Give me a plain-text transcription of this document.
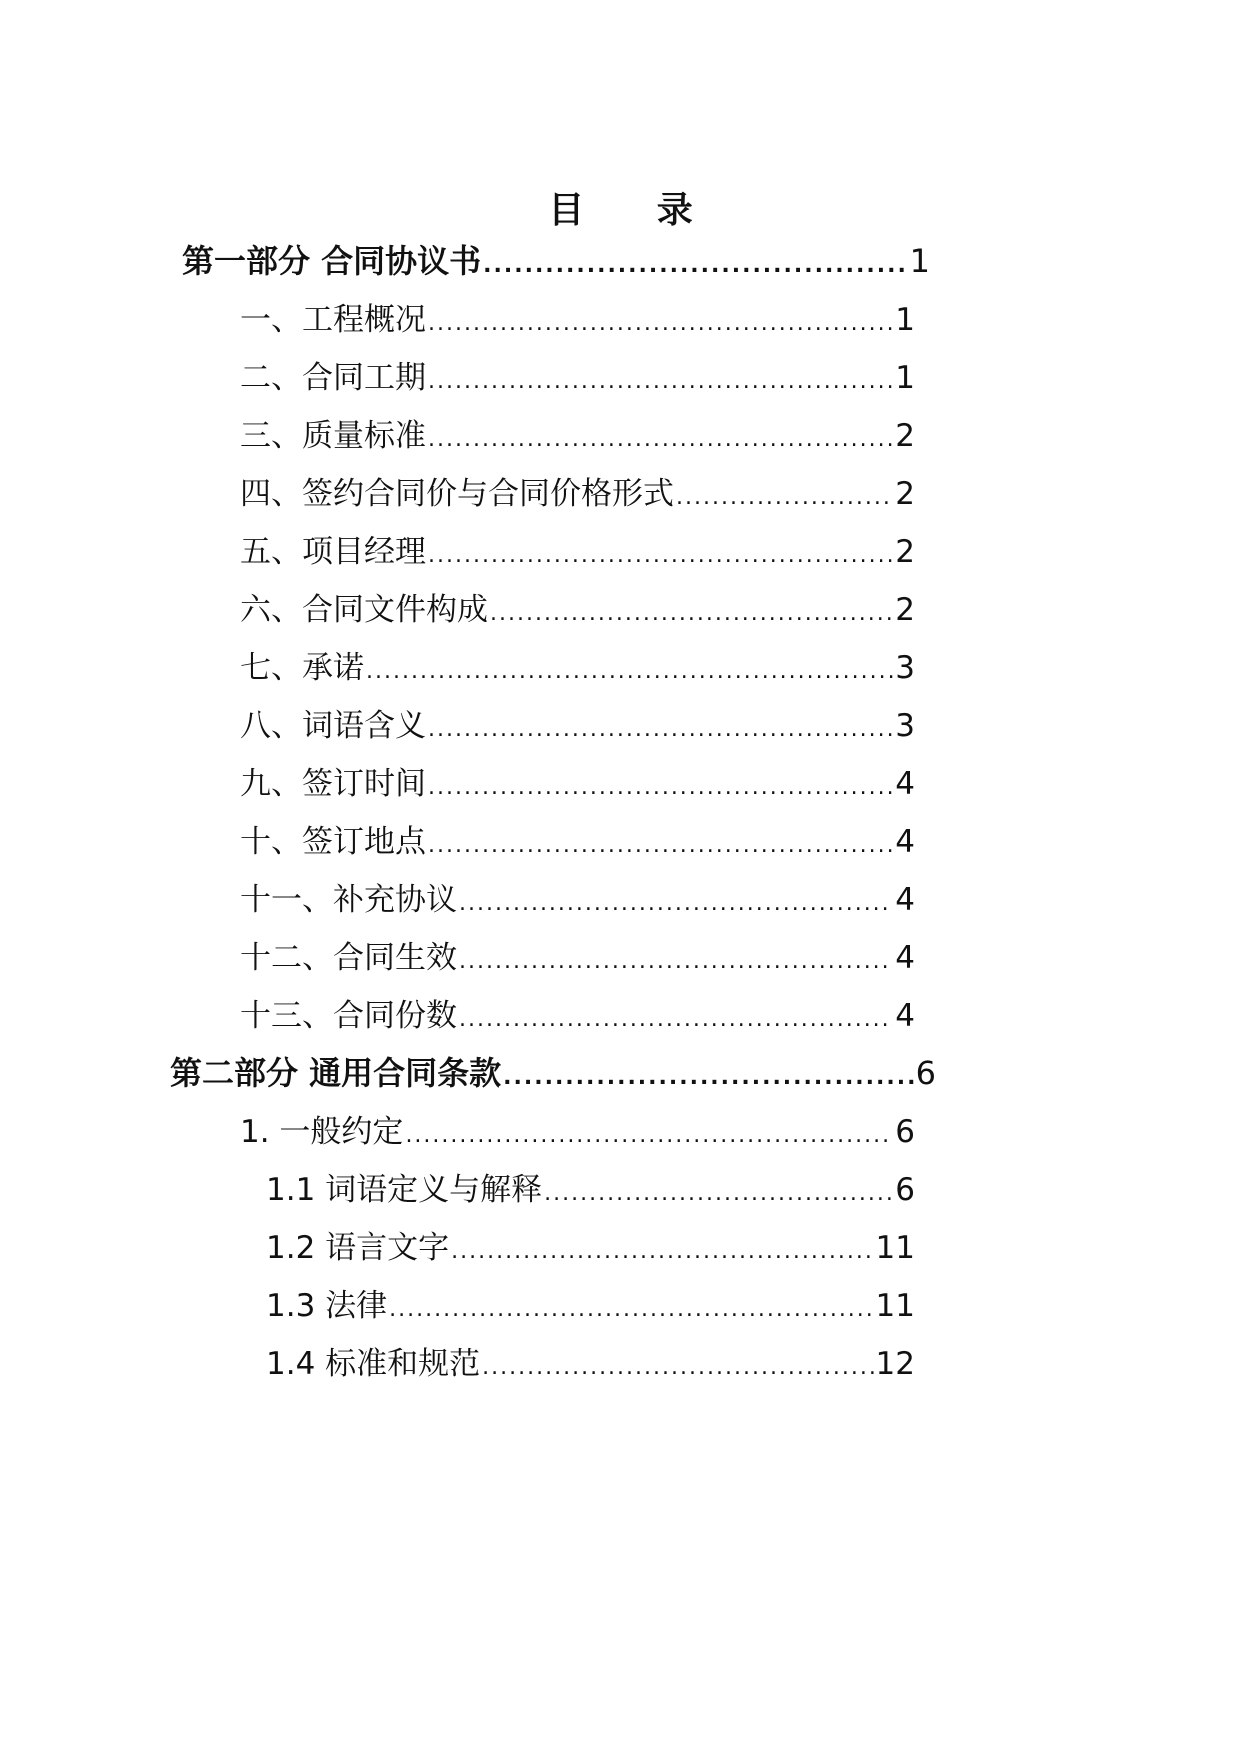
目 录
第一部分 合同协议书 .....	1
一、工程概况 .....	1
二、合同工期 .....	1
三、质量标准 .....	2
四、签约合同价与合同价格形式 .....	2
五、项目经理 .....	2
六、合同文件构成 .....	2
七、承诺 .....	3
八、词语含义 .....	3
九、签订时间 .....	4
十、签订地点 .....	4
十一、补充协议 .....	4
十二、合同生效 .....	4
十三、合同份数 .....	4
第二部分 通用合同条款 .....	6
1. 一般约定 .....	6
1.1 词语定义与解释 .....	6
1.2 语言文字 .....	11
1.3 法律 .....	11
1.4 标准和规范 .....	12
